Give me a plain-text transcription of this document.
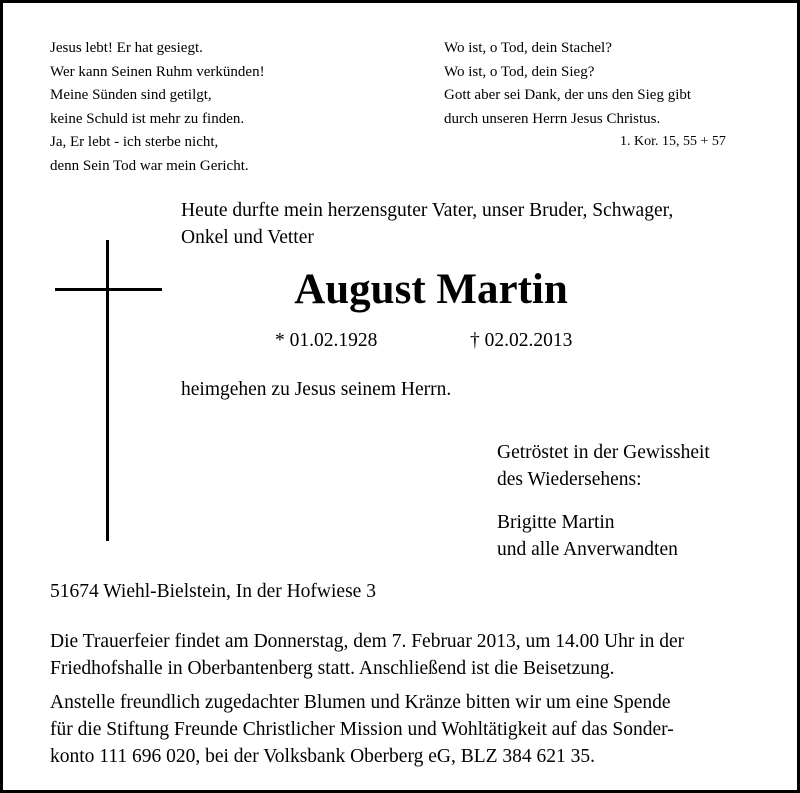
Jesus lebt! Er hat gesiegt.
Wer kann Seinen Ruhm verkünden!
Meine Sünden sind getilgt,
keine Schuld ist mehr zu finden.
Ja, Er lebt - ich sterbe nicht,
denn Sein Tod war mein Gericht.
Wo ist, o Tod, dein Stachel?
Wo ist, o Tod, dein Sieg?
Gott aber sei Dank, der uns den Sieg gibt
durch unseren Herrn Jesus Christus.
1. Kor. 15, 55 + 57
Heute durfte mein herzensguter Vater, unser Bruder, Schwager,
Onkel und Vetter
August Martin
* 01.02.1928	† 02.02.2013
heimgehen zu Jesus seinem Herrn.
Getröstet in der Gewissheit
des Wiedersehens:
Brigitte Martin
und alle Anverwandten
51674 Wiehl-Bielstein, In der Hofwiese 3
Die Trauerfeier findet am Donnerstag, dem 7. Februar 2013, um 14.00 Uhr in der
Friedhofshalle in Oberbantenberg statt. Anschließend ist die Beisetzung.
Anstelle freundlich zugedachter Blumen und Kränze bitten wir um eine Spende
für die Stiftung Freunde Christlicher Mission und Wohltätigkeit auf das Sonder-
konto 111 696 020, bei der Volksbank Oberberg eG, BLZ 384 621 35.
